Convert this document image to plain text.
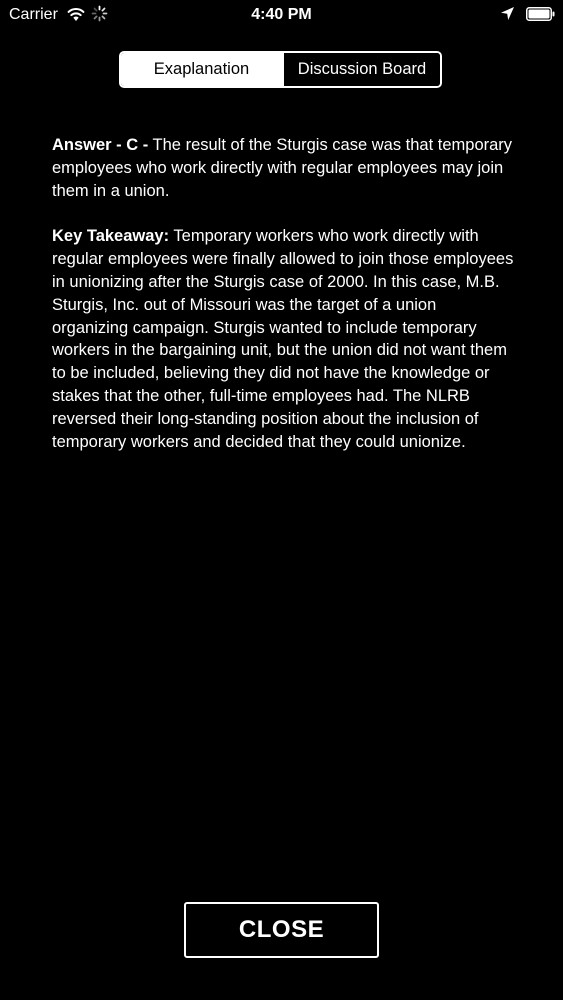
Carrier	4:40 PM
Exaplanation	Discussion Board

Answer - C - The result of the Sturgis case was that temporary employees who work directly with regular employees may join them in a union.

Key Takeaway: Temporary workers who work directly with regular employees were finally allowed to join those employees in unionizing after the Sturgis case of 2000. In this case, M.B. Sturgis, Inc. out of Missouri was the target of a union organizing campaign. Sturgis wanted to include temporary workers in the bargaining unit, but the union did not want them to be included, believing they did not have the knowledge or stakes that the other, full-time employees had. The NLRB reversed their long-standing position about the inclusion of temporary workers and decided that they could unionize.

CLOSE
